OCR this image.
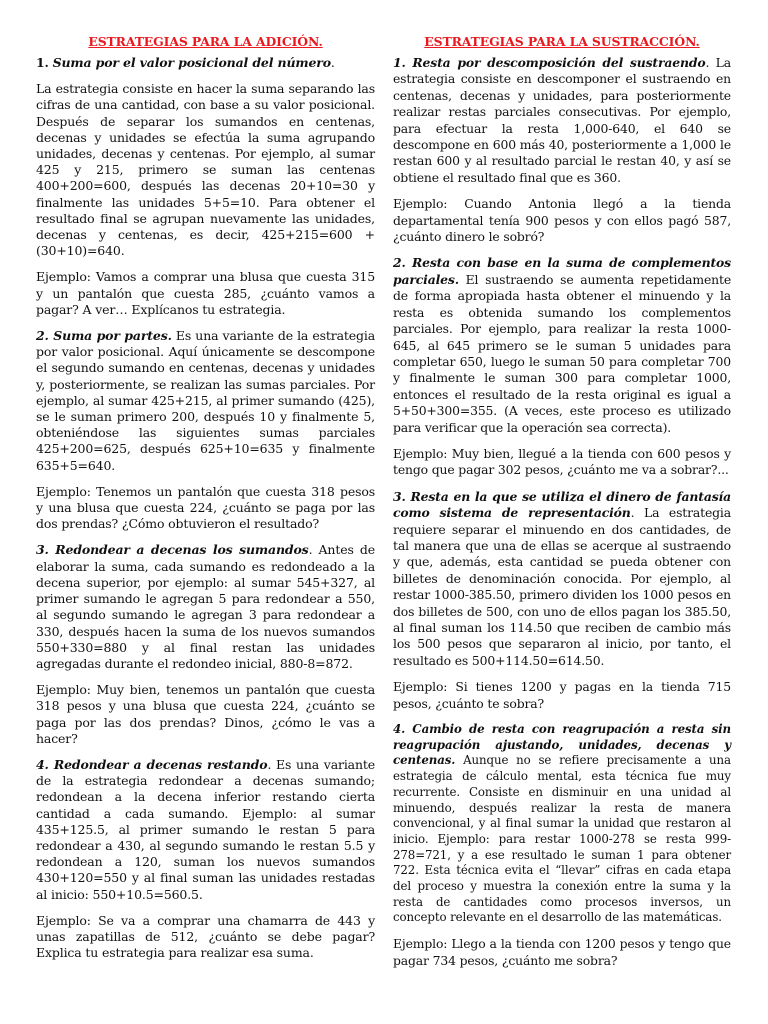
ESTRATEGIAS PARA LA ADICIÓN.

1. Suma por el valor posicional del número.

La estrategia consiste en hacer la suma separando las cifras de una cantidad, con base a su valor posicional. Después de separar los sumandos en centenas, decenas y unidades se efectúa la suma agrupando unidades, decenas y centenas. Por ejemplo, al sumar 425 y 215, primero se suman las centenas 400+200=600, después las decenas 20+10=30 y finalmente las unidades 5+5=10. Para obtener el resultado final se agrupan nuevamente las unidades, decenas y centenas, es decir, 425+215=600 + (30+10)=640.

Ejemplo: Vamos a comprar una blusa que cuesta 315 y un pantalón que cuesta 285, ¿cuánto vamos a pagar? A ver… Explícanos tu estrategia.

2. Suma por partes. Es una variante de la estrategia por valor posicional. Aquí únicamente se descompone el segundo sumando en centenas, decenas y unidades y, posteriormente, se realizan las sumas parciales. Por ejemplo, al sumar 425+215, al primer sumando (425), se le suman primero 200, después 10 y finalmente 5, obteniéndose las siguientes sumas parciales 425+200=625, después 625+10=635 y finalmente 635+5=640.

Ejemplo: Tenemos un pantalón que cuesta 318 pesos y una blusa que cuesta 224, ¿cuánto se paga por las dos prendas? ¿Cómo obtuvieron el resultado?

3. Redondear a decenas los sumandos. Antes de elaborar la suma, cada sumando es redondeado a la decena superior, por ejemplo: al sumar 545+327, al primer sumando le agregan 5 para redondear a 550, al segundo sumando le agregan 3 para redondear a 330, después hacen la suma de los nuevos sumandos 550+330=880 y al final restan las unidades agregadas durante el redondeo inicial, 880-8=872.

Ejemplo: Muy bien, tenemos un pantalón que cuesta 318 pesos y una blusa que cuesta 224, ¿cuánto se paga por las dos prendas? Dinos, ¿cómo le vas a hacer?

4. Redondear a decenas restando. Es una variante de la estrategia redondear a decenas sumando; redondean a la decena inferior restando cierta cantidad a cada sumando. Ejemplo: al sumar 435+125.5, al primer sumando le restan 5 para redondear a 430, al segundo sumando le restan 5.5 y redondean a 120, suman los nuevos sumandos 430+120=550 y al final suman las unidades restadas al inicio: 550+10.5=560.5.

Ejemplo: Se va a comprar una chamarra de 443 y unas zapatillas de 512, ¿cuánto se debe pagar? Explica tu estrategia para realizar esa suma.

ESTRATEGIAS PARA LA SUSTRACCIÓN.

1. Resta por descomposición del sustraendo. La estrategia consiste en descomponer el sustraendo en centenas, decenas y unidades, para posteriormente realizar restas parciales consecutivas. Por ejemplo, para efectuar la resta 1,000-640, el 640 se descompone en 600 más 40, posteriormente a 1,000 le restan 600 y al resultado parcial le restan 40, y así se obtiene el resultado final que es 360.

Ejemplo: Cuando Antonia llegó a la tienda departamental tenía 900 pesos y con ellos pagó 587, ¿cuánto dinero le sobró?

2. Resta con base en la suma de complementos parciales. El sustraendo se aumenta repetidamente de forma apropiada hasta obtener el minuendo y la resta es obtenida sumando los complementos parciales. Por ejemplo, para realizar la resta 1000-645, al 645 primero se le suman 5 unidades para completar 650, luego le suman 50 para completar 700 y finalmente le suman 300 para completar 1000, entonces el resultado de la resta original es igual a 5+50+300=355. (A veces, este proceso es utilizado para verificar que la operación sea correcta).

Ejemplo: Muy bien, llegué a la tienda con 600 pesos y tengo que pagar 302 pesos, ¿cuánto me va a sobrar?...

3. Resta en la que se utiliza el dinero de fantasía como sistema de representación. La estrategia requiere separar el minuendo en dos cantidades, de tal manera que una de ellas se acerque al sustraendo y que, además, esta cantidad se pueda obtener con billetes de denominación conocida. Por ejemplo, al restar 1000-385.50, primero dividen los 1000 pesos en dos billetes de 500, con uno de ellos pagan los 385.50, al final suman los 114.50 que reciben de cambio más los 500 pesos que separaron al inicio, por tanto, el resultado es 500+114.50=614.50.

Ejemplo: Si tienes 1200 y pagas en la tienda 715 pesos, ¿cuánto te sobra?

4. Cambio de resta con reagrupación a resta sin reagrupación ajustando, unidades, decenas y centenas. Aunque no se refiere precisamente a una estrategia de cálculo mental, esta técnica fue muy recurrente. Consiste en disminuir en una unidad al minuendo, después realizar la resta de manera convencional, y al final sumar la unidad que restaron al inicio. Ejemplo: para restar 1000-278 se resta 999-278=721, y a ese resultado le suman 1 para obtener 722. Esta técnica evita el “llevar” cifras en cada etapa del proceso y muestra la conexión entre la suma y la resta de cantidades como procesos inversos, un concepto relevante en el desarrollo de las matemáticas.

Ejemplo: Llego a la tienda con 1200 pesos y tengo que pagar 734 pesos, ¿cuánto me sobra?
